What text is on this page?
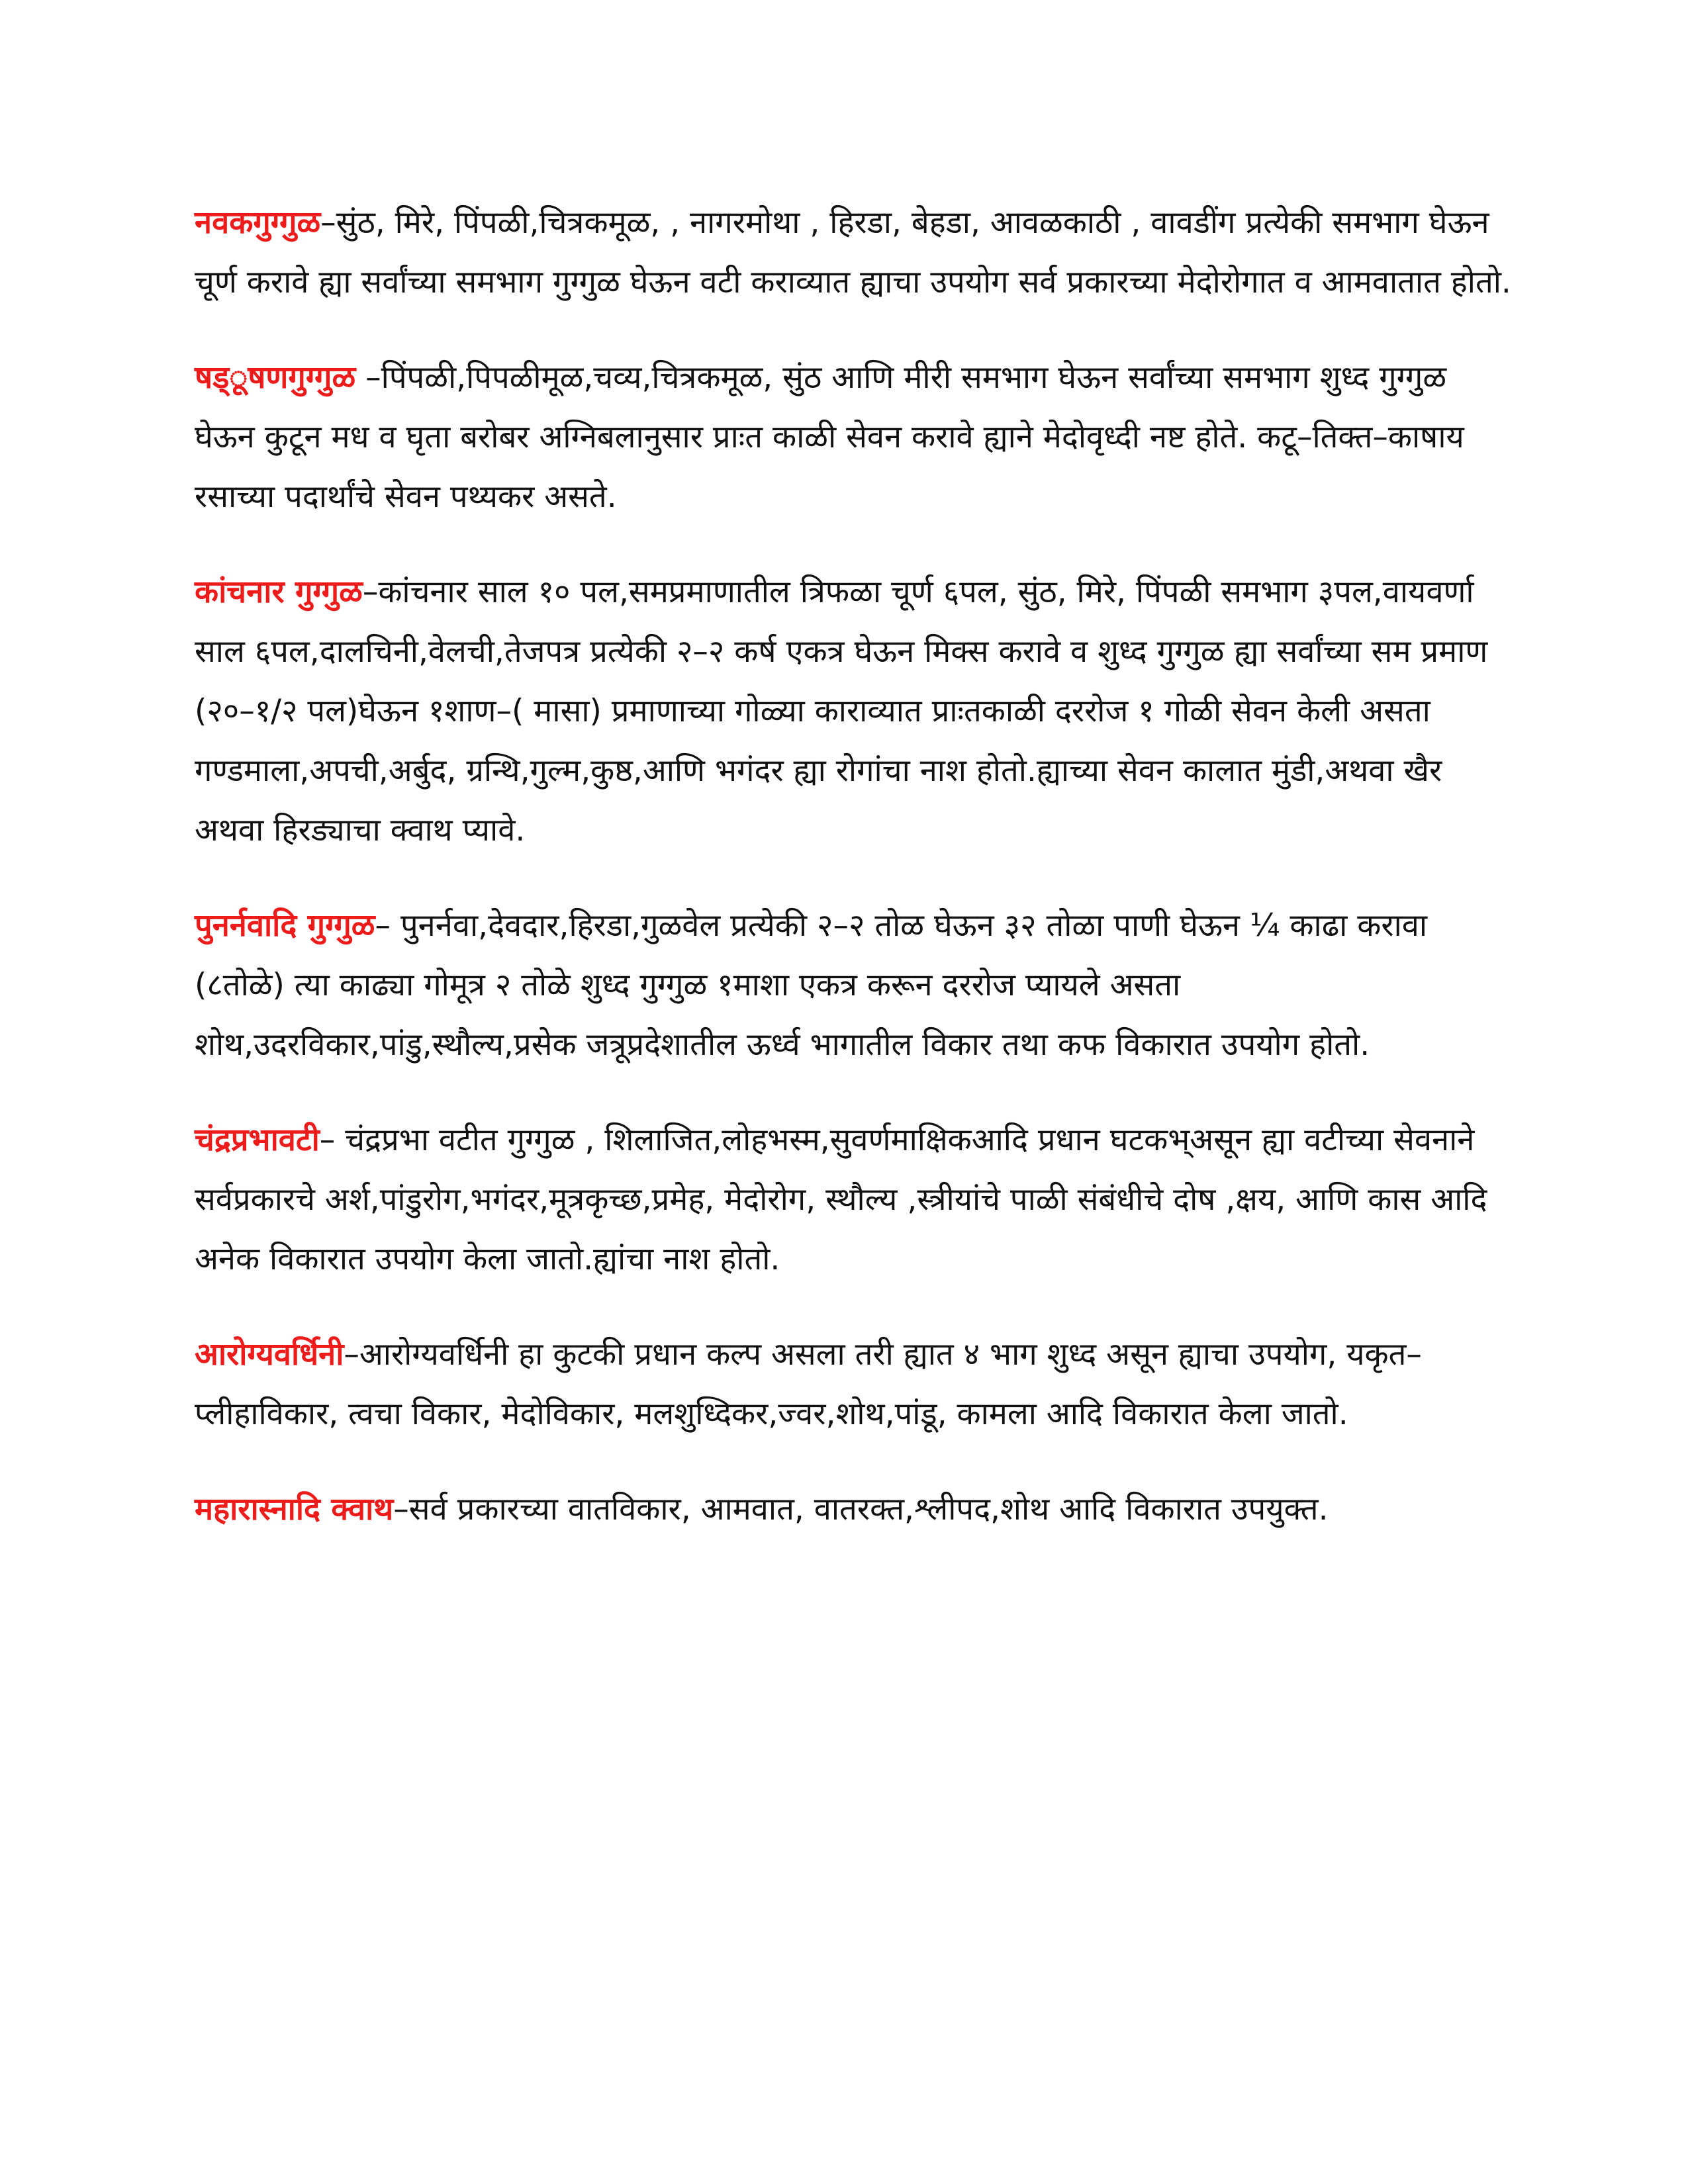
नवकगुग्गुळ–सुंठ, मिरे, पिंपळी,चित्रकमूळ, , नागरमोथा , हिरडा, बेहडा, आवळकाठी , वावडींग प्रत्येकी समभाग घेऊन चूर्ण करावे ह्या सर्वांच्या समभाग गुग्गुळ घेऊन वटी कराव्यात ह्याचा उपयोग सर्व प्रकारच्या मेदोरोगात व आमवातात होतो.

षड्ूषणगुग्गुळ –पिंपळी,पिपळीमूळ,चव्य,चित्रकमूळ, सुंठ आणि मीरी समभाग घेऊन सर्वांच्या समभाग शुध्द गुग्गुळ घेऊन कुटून मध व घृता बरोबर अग्निबलानुसार प्राःत काळी सेवन करावे ह्याने मेदोवृध्दी नष्ट होते. कटू–तिक्त–काषाय रसाच्या पदार्थांचे सेवन पथ्यकर असते.

कांचनार गुग्गुळ–कांचनार साल १० पल,समप्रमाणातील त्रिफळा चूर्ण ६पल, सुंठ, मिरे, पिंपळी समभाग ३पल,वायवर्णा साल ६पल,दालचिनी,वेलची,तेजपत्र प्रत्येकी २–२ कर्ष एकत्र घेऊन मिक्स करावे व शुध्द गुग्गुळ ह्या सर्वांच्या सम प्रमाण (२०–१/२ पल)घेऊन १शाण–( मासा) प्रमाणाच्या गोळ्या काराव्यात प्राःतकाळी दररोज १ गोळी सेवन केली असता गण्डमाला,अपची,अर्बुद, ग्रन्थि,गुल्म,कुष्ठ,आणि भगंदर ह्या रोगांचा नाश होतो.ह्याच्या सेवन कालात मुंडी,अथवा खैर अथवा हिरड्याचा क्वाथ प्यावे.

पुनर्नवादि गुग्गुळ– पुनर्नवा,देवदार,हिरडा,गुळवेल प्रत्येकी २–२ तोळ घेऊन ३२ तोळा पाणी घेऊन ¼ काढा करावा (८तोळे) त्या काढ्या गोमूत्र २ तोळे शुध्द गुग्गुळ १माशा एकत्र करून दररोज प्यायले असता शोथ,उदरविकार,पांडु,स्थौल्य,प्रसेक जत्रूप्रदेशातील ऊर्ध्व भागातील विकार तथा कफ विकारात उपयोग होतो.

चंद्रप्रभावटी– चंद्रप्रभा वटीत गुग्गुळ , शिलाजित,लोहभस्म,सुवर्णमाक्षिकआदि प्रधान घटकभ्असून ह्या वटीच्या सेवनाने सर्वप्रकारचे अर्श,पांडुरोग,भगंदर,मूत्रकृच्छ,प्रमेह, मेदोरोग, स्थौल्य ,स्त्रीयांचे पाळी संबंधीचे दोष ,क्षय, आणि कास आदि अनेक विकारात उपयोग केला जातो.ह्यांचा नाश होतो.

आरोग्यवर्धिनी–आरोग्यवर्धिनी हा कुटकी प्रधान कल्प असला तरी ह्यात ४ भाग शुध्द असून ह्याचा उपयोग, यकृत–प्लीहाविकार, त्वचा विकार, मेदोविकार, मलशुध्दिकर,ज्वर,शोथ,पांडू, कामला आदि विकारात केला जातो.

महारास्नादि क्वाथ–सर्व प्रकारच्या वातविकार, आमवात, वातरक्त,श्लीपद,शोथ आदि विकारात उपयुक्त.
